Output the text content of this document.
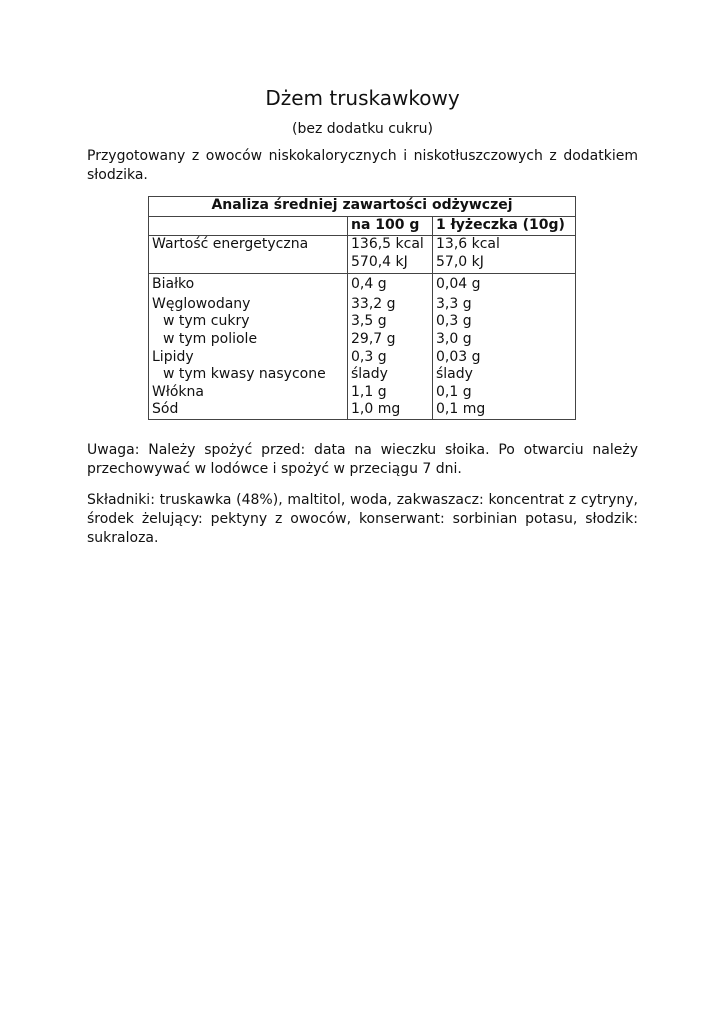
Dżem truskawkowy

(bez dodatku cukru)

Przygotowany z owoców niskokalorycznych i niskotłuszczowych z dodatkiem słodzika.

Analiza średniej zawartości odżywczej		
	na 100 g	1 łyżeczka (10g)
Wartość energetyczna	136,5 kcal	13,6 kcal
	570,4 kJ	57,0 kJ
Białko	0,4 g	0,04 g
Węglowodany	33,2 g	3,3 g
w tym cukry	3,5 g	0,3 g
w tym poliole	29,7 g	3,0 g
Lipidy	0,3 g	0,03 g
w tym kwasy nasycone	ślady	ślady
Włókna	1,1 g	0,1 g
Sód	1,0 mg	0,1 mg

Uwaga: Należy spożyć przed: data na wieczku słoika. Po otwarciu należy przechowywać w lodówce i spożyć w przeciągu 7 dni.

Składniki: truskawka (48%), maltitol, woda, zakwaszacz: koncentrat z cytryny, środek żelujący: pektyny z owoców, konserwant: sorbinian potasu, słodzik: sukraloza.
